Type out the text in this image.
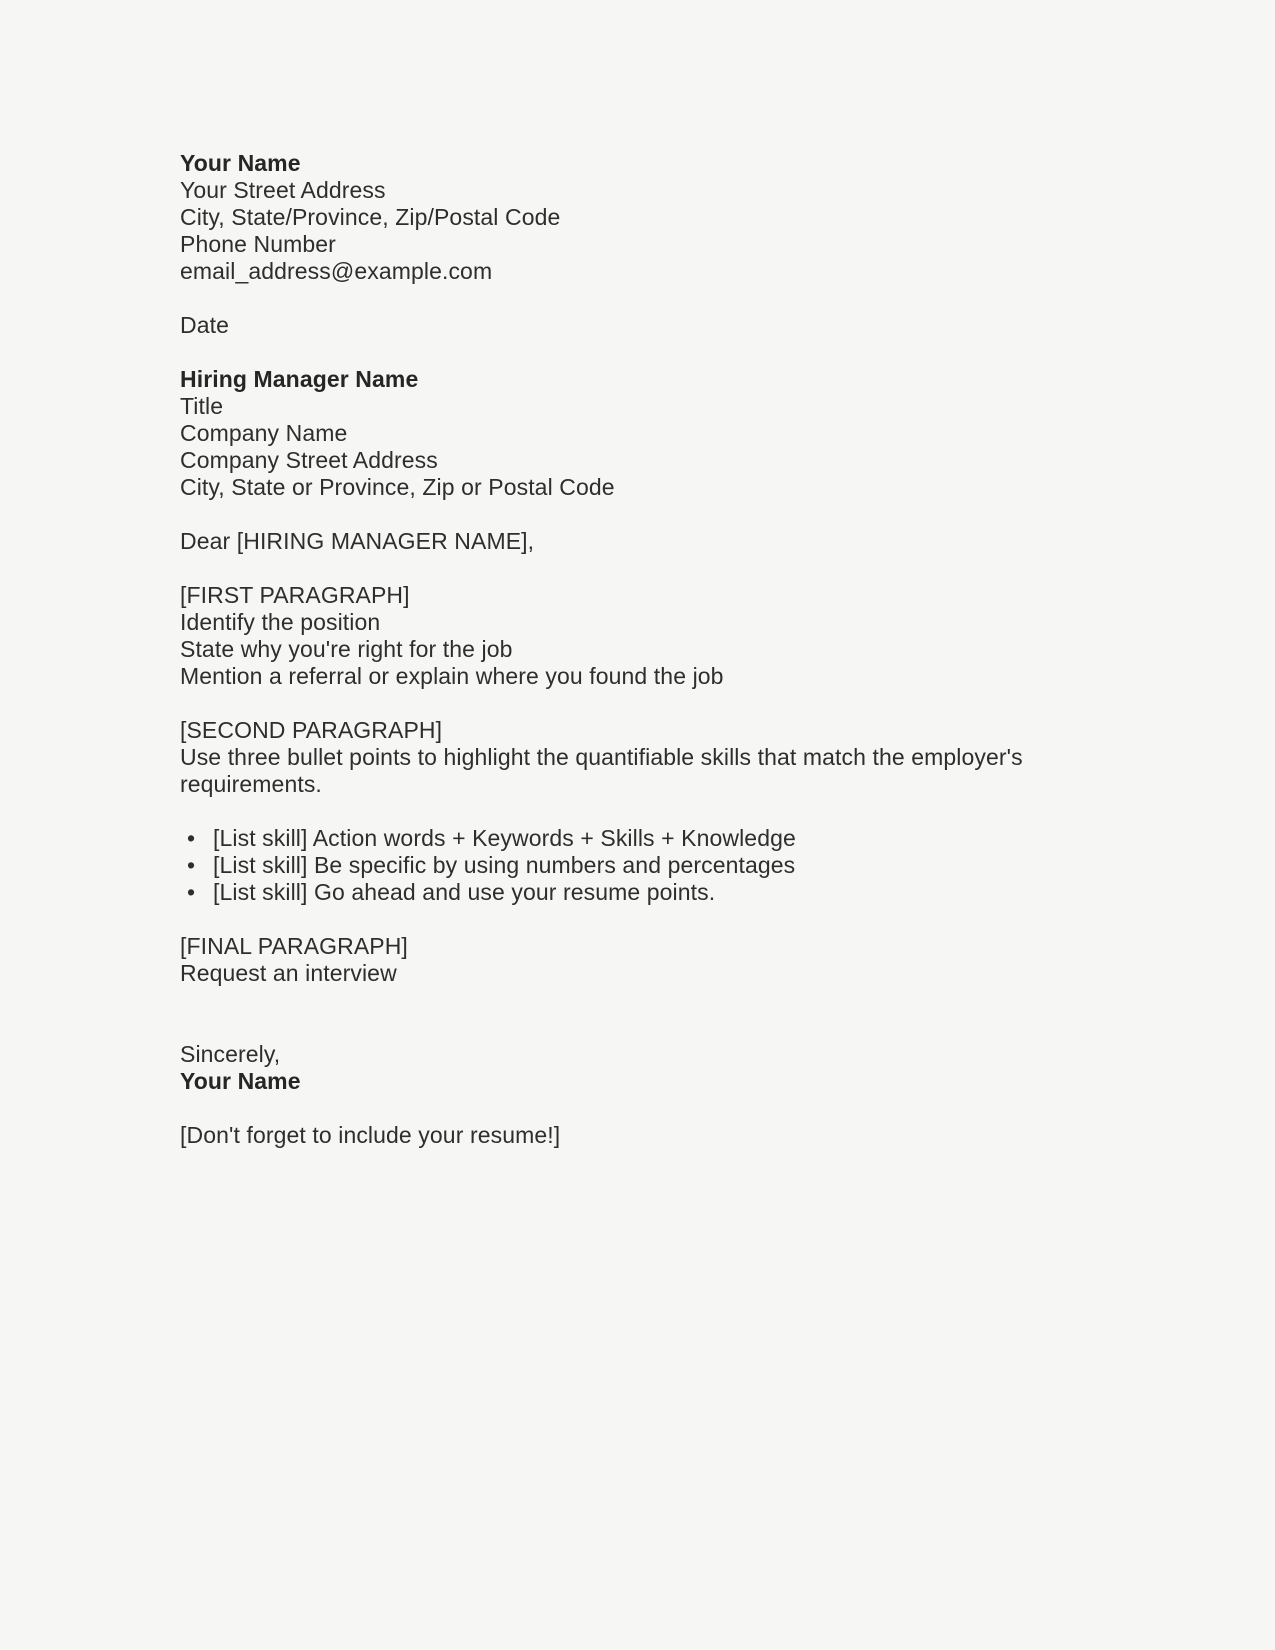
Your Name
Your Street Address
City, State/Province, Zip/Postal Code
Phone Number
email_address@example.com
Date
Hiring Manager Name
Title
Company Name
Company Street Address
City, State or Province, Zip or Postal Code
Dear [HIRING MANAGER NAME],
[FIRST PARAGRAPH]
Identify the position
State why you're right for the job
Mention a referral or explain where you found the job
[SECOND PARAGRAPH]
Use three bullet points to highlight the quantifiable skills that match the employer's
requirements.
• [List skill] Action words + Keywords + Skills + Knowledge
• [List skill] Be specific by using numbers and percentages
• [List skill] Go ahead and use your resume points.
[FINAL PARAGRAPH]
Request an interview
Sincerely,
Your Name
[Don't forget to include your resume!]
